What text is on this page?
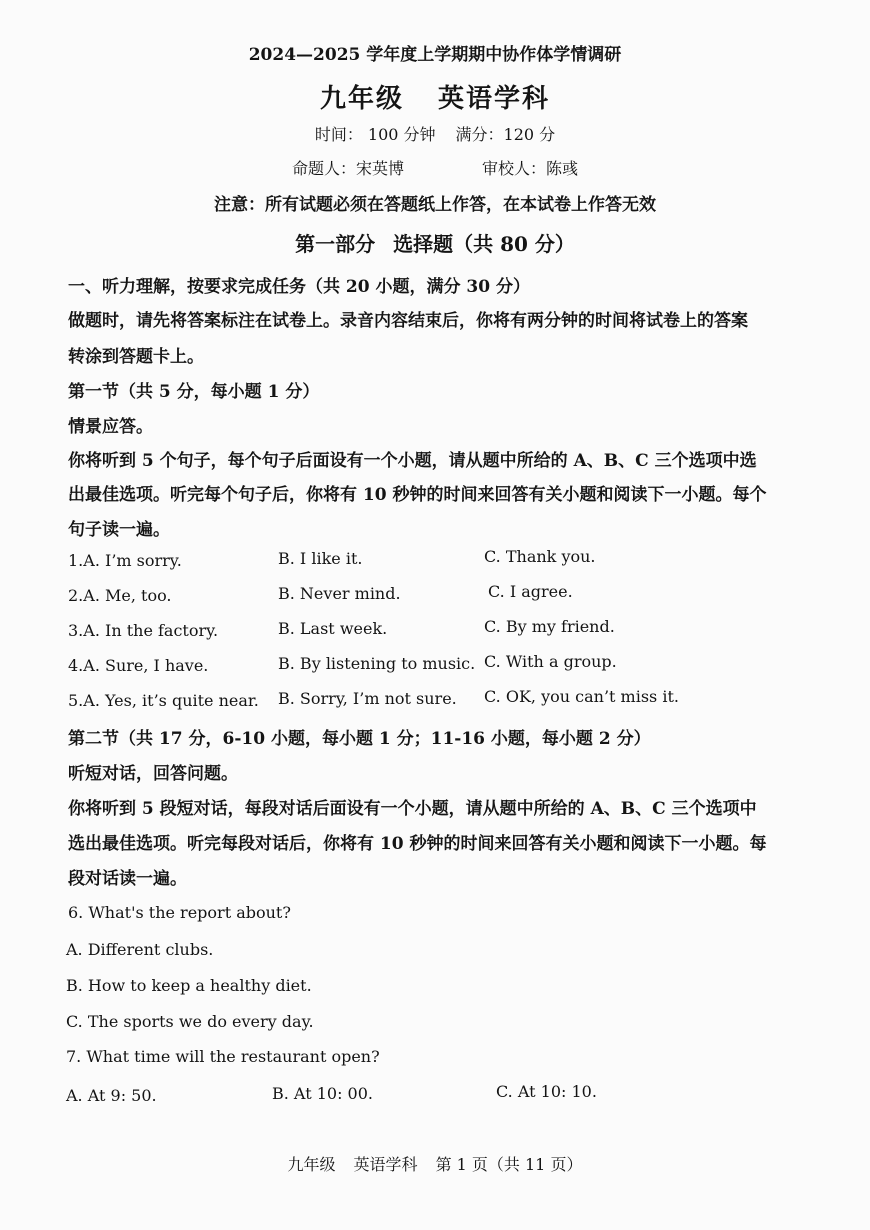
2024—2025 学年度上学期期中协作体学情调研
九年级 英语学科
时间： 100 分钟 满分：120 分
命题人：宋英博	审校人：陈彧
注意：所有试题必须在答题纸上作答，在本试卷上作答无效
第一部分 选择题（共 80 分）
一、听力理解，按要求完成任务（共 20 小题，满分 30 分）
做题时，请先将答案标注在试卷上。录音内容结束后，你将有两分钟的时间将试卷上的答案
转涂到答题卡上。
第一节（共 5 分，每小题 1 分）
情景应答。
你将听到 5 个句子，每个句子后面设有一个小题，请从题中所给的 A、B、C 三个选项中选
出最佳选项。听完每个句子后，你将有 10 秒钟的时间来回答有关小题和阅读下一小题。每个
句子读一遍。
1.A. I’m sorry.	B. I like it.	C. Thank you.
2.A. Me, too.	B. Never mind.	C. I agree.
3.A. In the factory.	B. Last week.	C. By my friend.
4.A. Sure, I have.	B. By listening to music. C. With a group.
5.A. Yes, it’s quite near. B. Sorry, I’m not sure. C. OK, you can’t miss it.
第二节（共 17 分，6-10 小题，每小题 1 分；11-16 小题，每小题 2 分）
听短对话，回答问题。
你将听到 5 段短对话，每段对话后面设有一个小题，请从题中所给的 A、B、C 三个选项中
选出最佳选项。听完每段对话后，你将有 10 秒钟的时间来回答有关小题和阅读下一小题。每
段对话读一遍。
6. What's the report about?
A. Different clubs.
B. How to keep a healthy diet.
C. The sports we do every day.
7. What time will the restaurant open?
A. At 9: 50.	B. At 10: 00.	C. At 10: 10.
九年级 英语学科 第 1 页（共 11 页）
